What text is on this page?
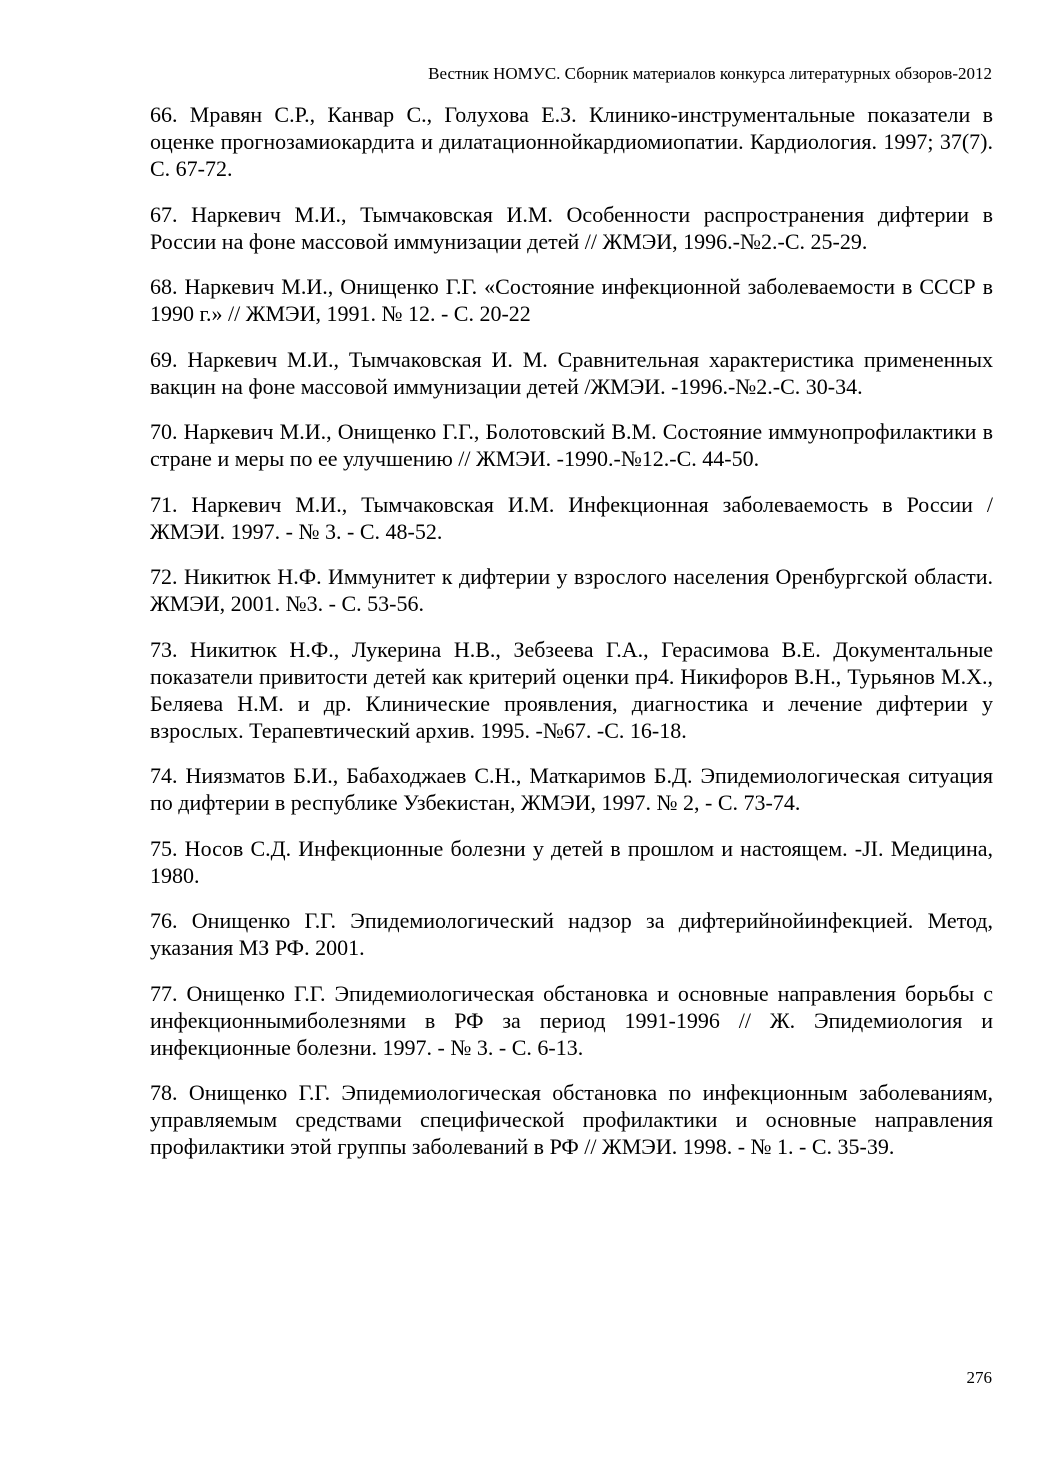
Вестник НОМУС. Сборник материалов конкурса литературных обзоров-2012
66. Мравян С.Р., Канвар С., Голухова Е.З. Клинико-инструментальные показатели в оценке прогнозамиокардита и дилатационнойкардиомиопатии. Кардиология. 1997; 37(7). С. 67-72.
67. Наркевич М.И., Тымчаковская И.М. Особенности распространения дифтерии в России на фоне массовой иммунизации детей // ЖМЭИ, 1996.-№2.-С. 25-29.
68. Наркевич М.И., Онищенко Г.Г. «Состояние инфекционной заболеваемости в СССР в 1990 г.» // ЖМЭИ, 1991. № 12. - С. 20-22
69. Наркевич М.И., Тымчаковская И. М. Сравнительная характеристика примененных вакцин на фоне массовой иммунизации детей /ЖМЭИ. -1996.-№2.-С. 30-34.
70. Наркевич М.И., Онищенко Г.Г., Болотовский В.М. Состояние иммунопрофилактики в стране и меры по ее улучшению // ЖМЭИ. -1990.-№12.-С. 44-50.
71. Наркевич М.И., Тымчаковская И.М. Инфекционная заболеваемость в России / ЖМЭИ. 1997. - № 3. - С. 48-52.
72. Никитюк Н.Ф. Иммунитет к дифтерии у взрослого населения Оренбургской области. ЖМЭИ, 2001. №3. - С. 53-56.
73. Никитюк Н.Ф., Лукерина Н.В., Зебзеева Г.А., Герасимова В.Е. Документальные показатели привитости детей как критерий оценки пр4. Никифоров В.Н., Турьянов М.Х., Беляева Н.М. и др. Клинические проявления, диагностика и лечение дифтерии у взрослых. Терапевтический архив. 1995. -№67. -С. 16-18.
74. Ниязматов Б.И., Бабаходжаев С.Н., Маткаримов Б.Д. Эпидемиологическая ситуация по дифтерии в республике Узбекистан, ЖМЭИ, 1997. № 2, - С. 73-74.
75. Носов С.Д. Инфекционные болезни у детей в прошлом и настоящем. -JI. Медицина, 1980.
76. Онищенко Г.Г. Эпидемиологический надзор за дифтерийнойинфекцией. Метод, указания МЗ РФ. 2001.
77. Онищенко Г.Г. Эпидемиологическая обстановка и основные направления борьбы с инфекционнымиболезнями в РФ за период 1991-1996 // Ж. Эпидемиология и инфекционные болезни. 1997. - № 3. - С. 6-13.
78. Онищенко Г.Г. Эпидемиологическая обстановка по инфекционным заболеваниям, управляемым средствами специфической профилактики и основные направления профилактики этой группы заболеваний в РФ // ЖМЭИ. 1998. - № 1. - С. 35-39.
276
